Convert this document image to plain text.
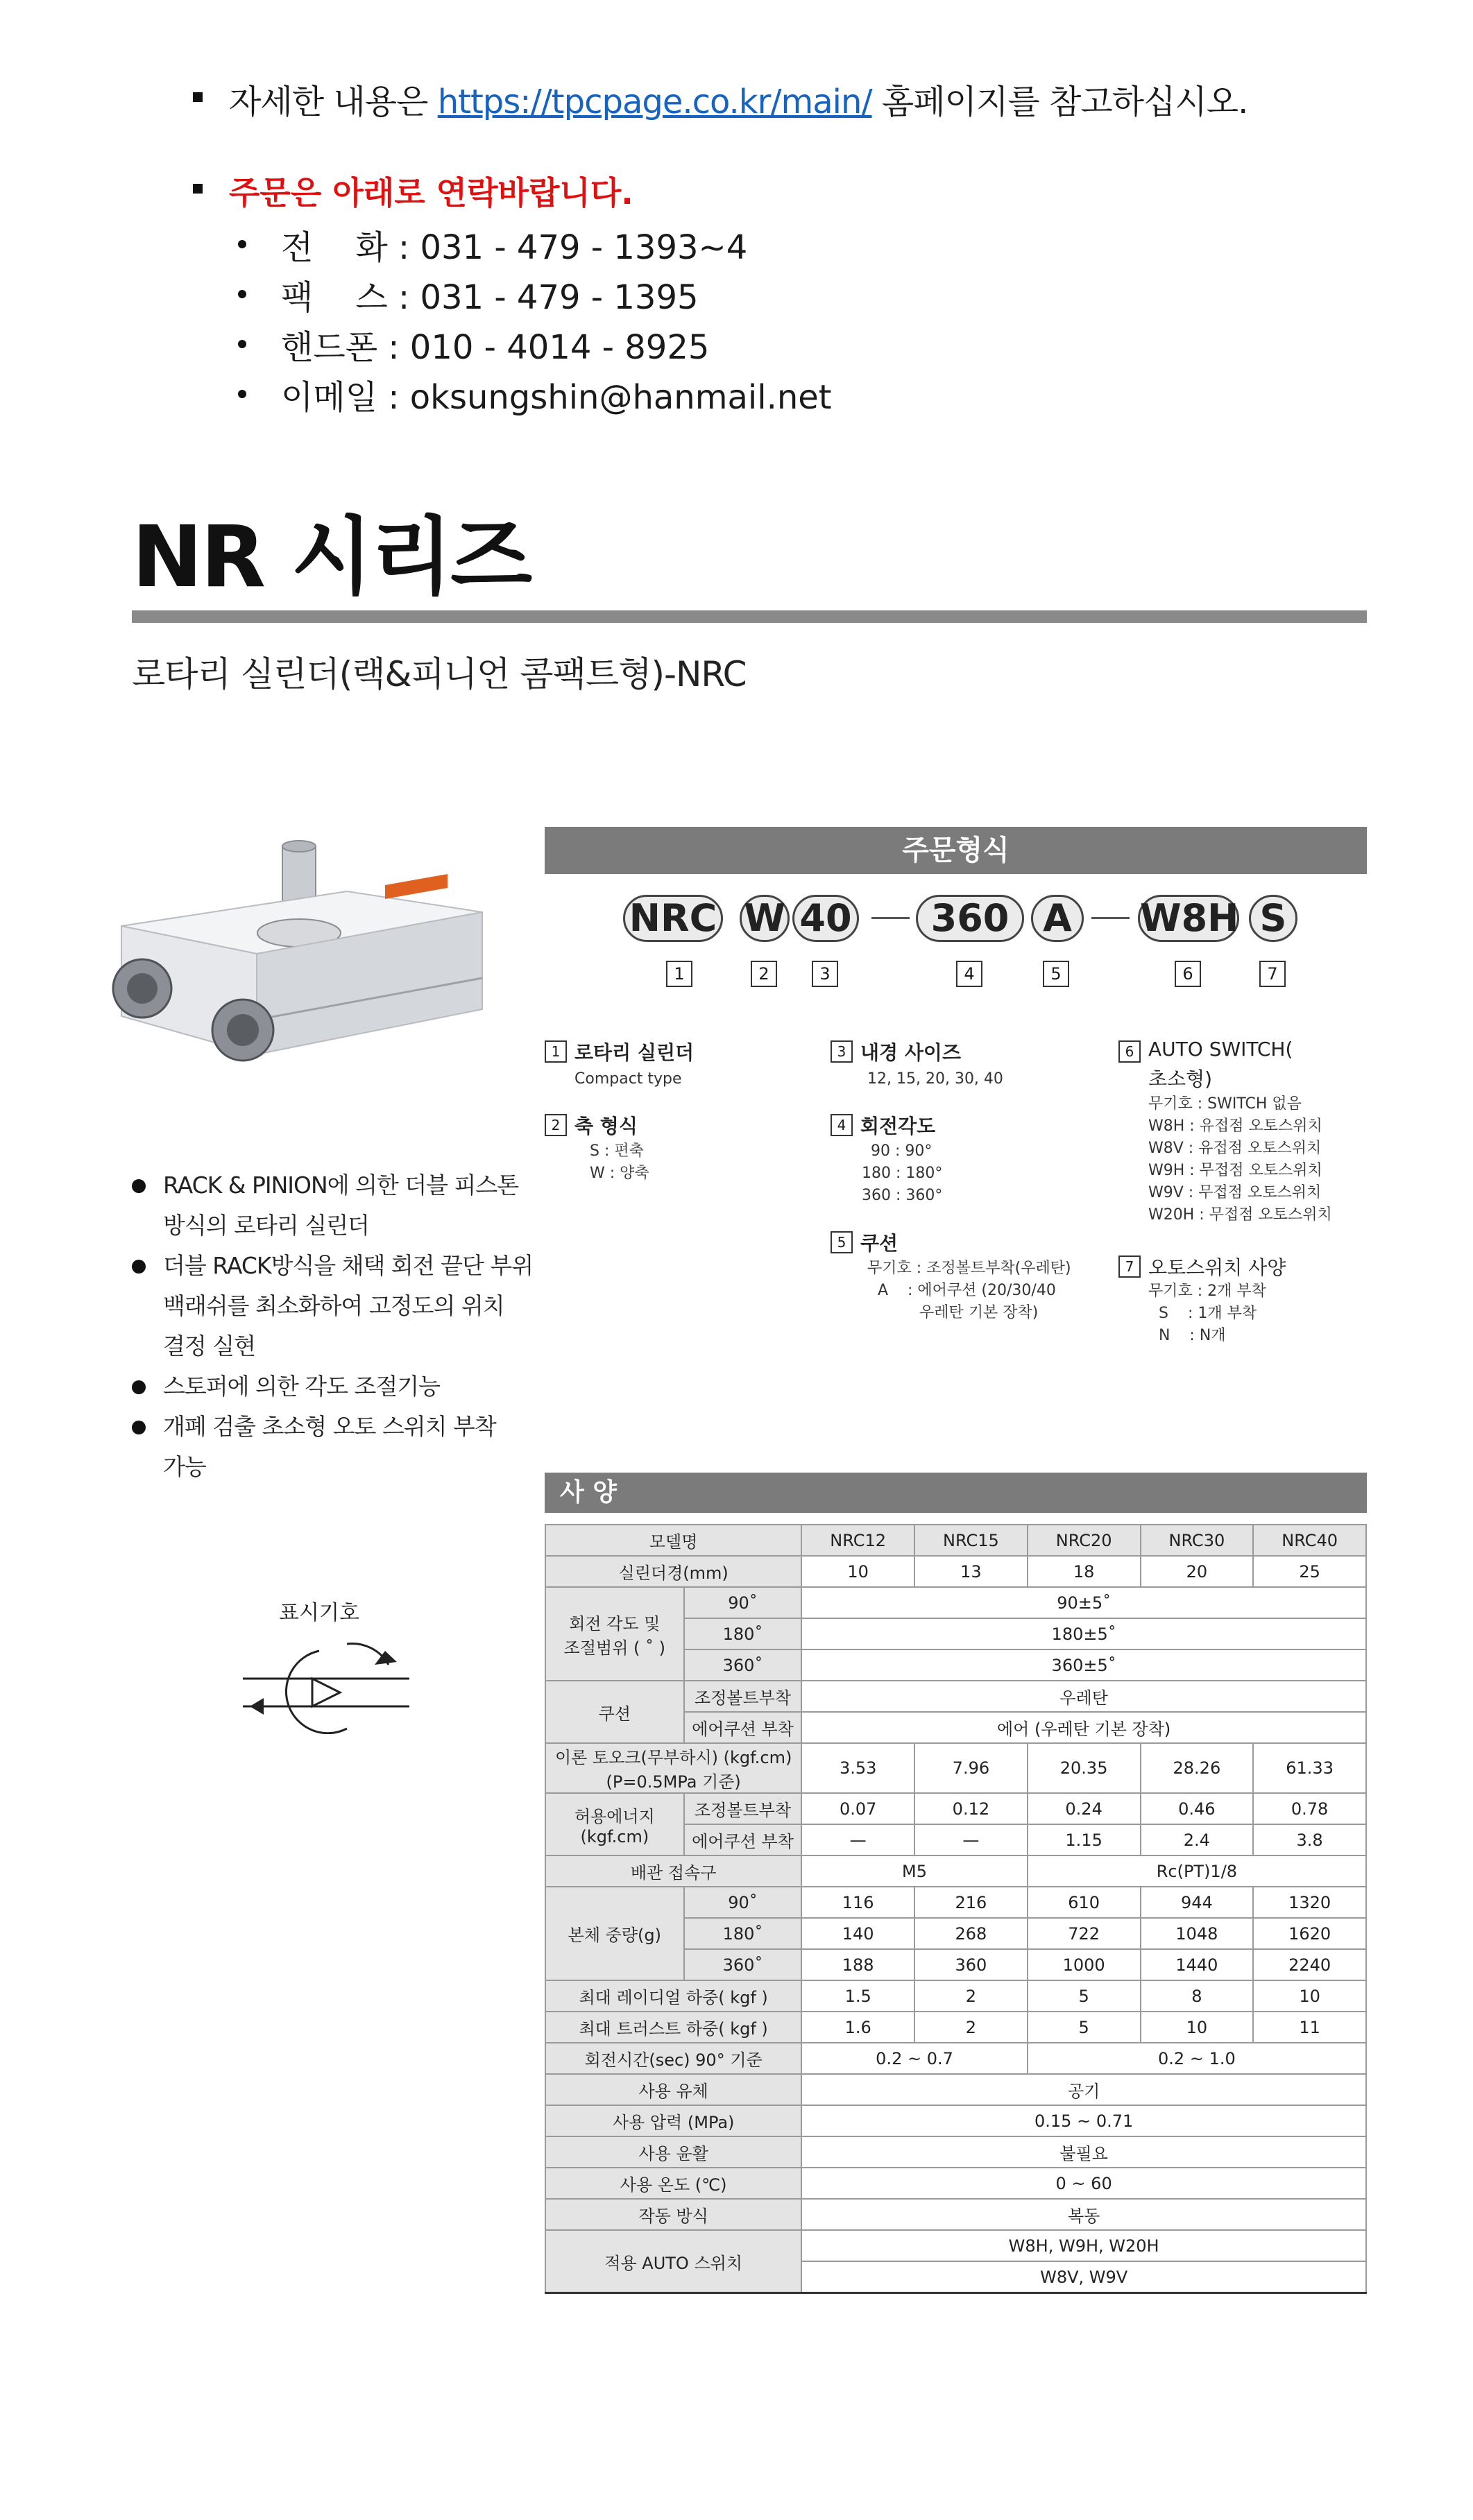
자세한 내용은 https://tpcpage.co.kr/main/ 홈페이지를 참고하십시오.
주문은 아래로 연락바랍니다.
전    화 : 031 - 479 - 1393~4
팩    스 : 031 - 479 - 1395
핸드폰 : 010 - 4014 - 8925
이메일 : oksungshin@hanmail.net
NR 시리즈
로타리 실린더(랙&피니언 콤팩트형)-NRC
RACK & PINION에 의한 더블 피스톤
방식의 로타리 실린더
더블 RACK방식을 채택 회전 끝단 부위
백래쉬를 최소화하여 고정도의 위치
결정 실현
스토퍼에 의한 각도 조절기능
개폐 검출 초소형 오토 스위치 부착
가능
표시기호
주문형식
NRC W 40	360 A	W8H S
1	2	3	4	5	6	7
1 로타리 실린더
Compact type
2 축 형식
S : 편축
W : 양축
3 내경 사이즈
12, 15, 20, 30, 40
4 회전각도
90 : 90°
180 : 180°
360 : 360°
5 쿠션
무기호 : 조정볼트부착(우레탄)
A    : 에어쿠션 (20/30/40
우레탄 기본 장착)
6 AUTO SWITCH(
초소형)
무기호 : SWITCH 없음
W8H : 유접점 오토스위치
W8V : 유접점 오토스위치
W9H : 무접점 오토스위치
W9V : 무접점 오토스위치
W20H : 무접점 오토스위치
7 오토스위치 사양
무기호 : 2개 부착
S    : 1개 부착
N    : N개
사 양
모델명		NRC12	NRC15	NRC20	NRC30	NRC40
실린더경(mm)		10	13	18	20	25

회전 각도 및
조절범위 ( ˚ )	90˚	90±5˚				
	180˚	180±5˚				
	360˚	360±5˚				
쿠션	조정볼트부착	우레탄				
	에어쿠션 부착	에어 (우레탄 기본 장착)				

이론 토오크(무부하시) (kgf.cm)
(P=0.5MPa 기준)		3.53	7.96	20.35	28.26	61.33

허용에너지
(kgf.cm)	조정볼트부착	0.07	0.12	0.24	0.46	0.78
	에어쿠션 부착	—	—	1.15	2.4	3.8
배관 접속구		M5		Rc(PT)1/8		
본체 중량(g)	90˚	116	216	610	944	1320
	180˚	140	268	722	1048	1620
	360˚	188	360	1000	1440	2240
최대 레이디얼 하중( kgf )		1.5	2	5	8	10
최대 트러스트 하중( kgf )		1.6	2	5	10	11
회전시간(sec) 90° 기준		0.2 ~ 0.7		0.2 ~ 1.0		
사용 유체		공기				
사용 압력 (MPa)		0.15 ~ 0.71				
사용 윤활		불필요				
사용 온도 (℃)		0 ~ 60				
작동 방식		복동				
적용 AUTO 스위치		W8H, W9H, W20H				
		W8V, W9V				
